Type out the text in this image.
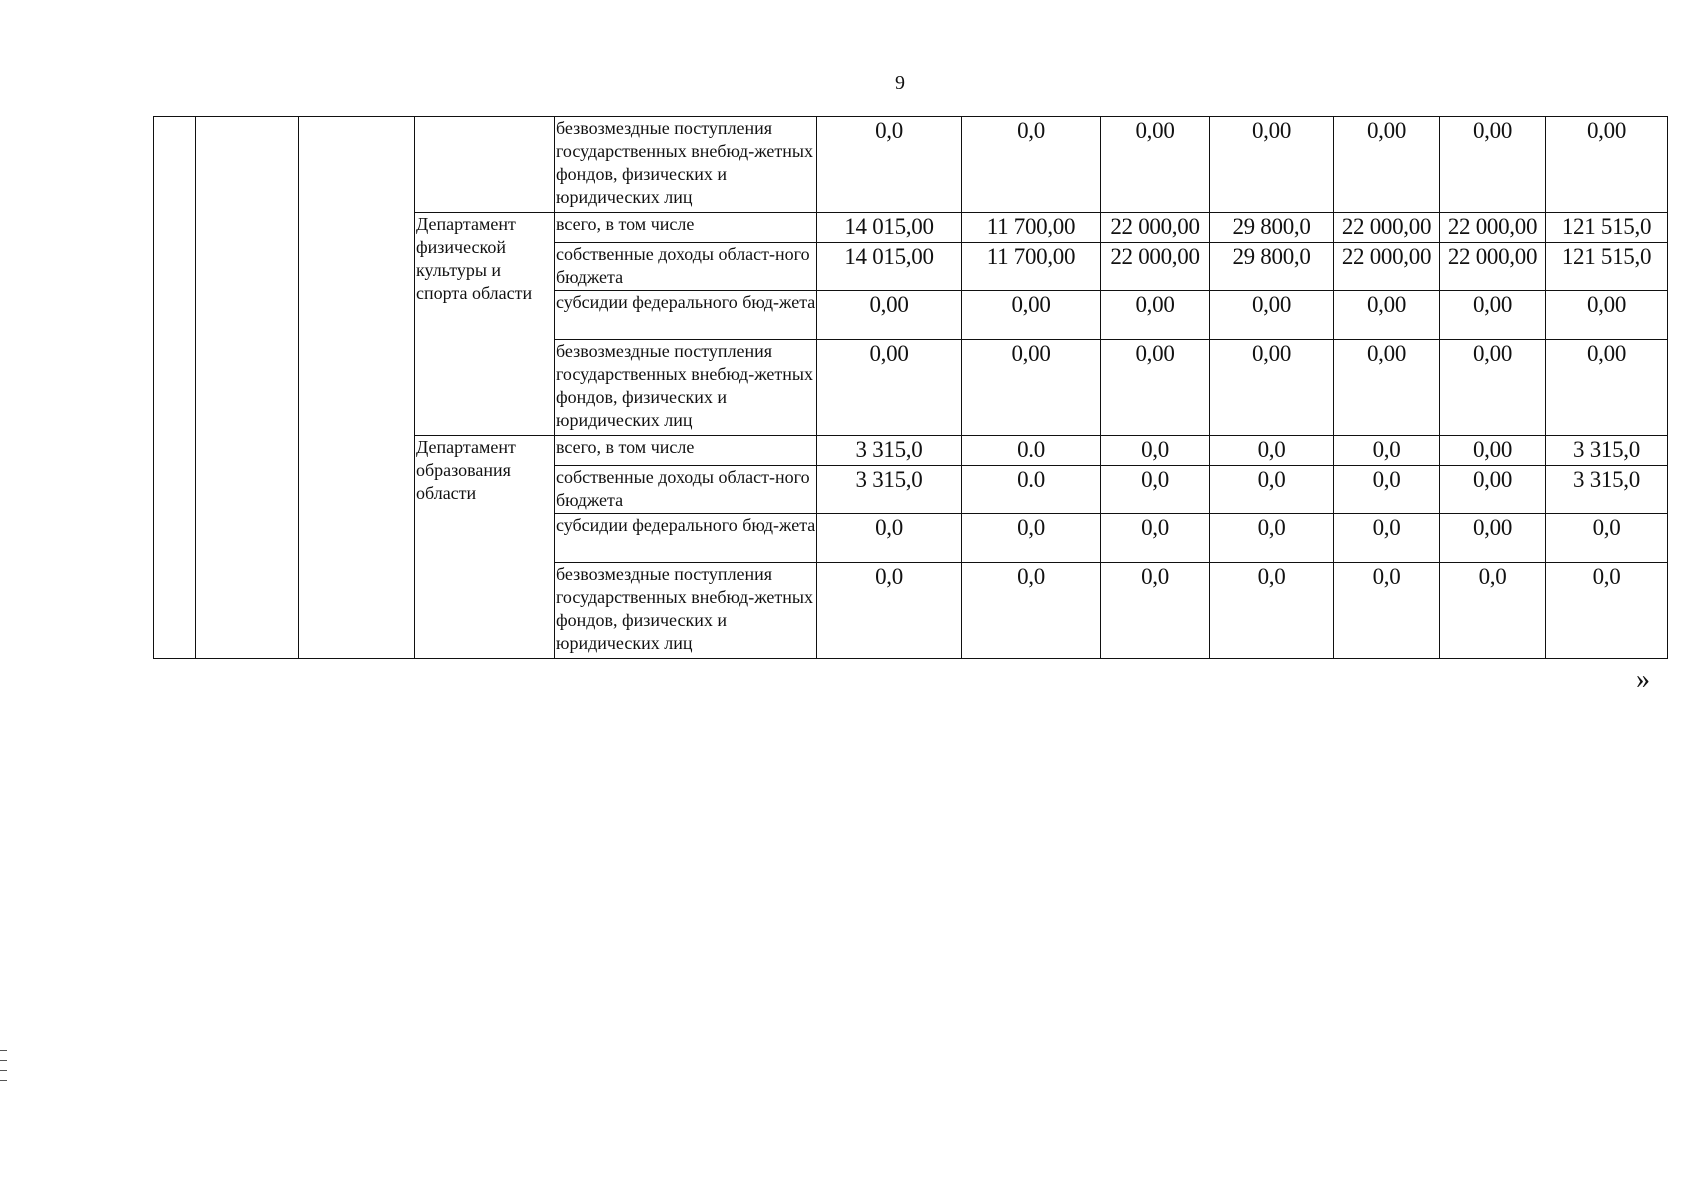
9
				безвозмездные поступления государственных внебюд-жетных фондов, физических и юридических лиц	0,0	0,0	0,00	0,00	0,00	0,00	0,00
			Департамент физической культуры и спорта области	всего, в том числе	14 015,00	11 700,00	22 000,00	29 800,0	22 000,00	22 000,00	121 515,0
				собственные доходы област-ного бюджета	14 015,00	11 700,00	22 000,00	29 800,0	22 000,00	22 000,00	121 515,0
				субсидии федерального бюд-жета	0,00	0,00	0,00	0,00	0,00	0,00	0,00
				безвозмездные поступления государственных внебюд-жетных фондов, физических и юридических лиц	0,00	0,00	0,00	0,00	0,00	0,00	0,00
			Департамент образования области	всего, в том числе	3 315,0	0.0	0,0	0,0	0,0	0,00	3 315,0
				собственные доходы област-ного бюджета	3 315,0	0.0	0,0	0,0	0,0	0,00	3 315,0
				субсидии федерального бюд-жета	0,0	0,0	0,0	0,0	0,0	0,00	0,0
				безвозмездные поступления государственных внебюд-жетных фондов, физических и юридических лиц	0,0	0,0	0,0	0,0	0,0	0,0	0,0
»
